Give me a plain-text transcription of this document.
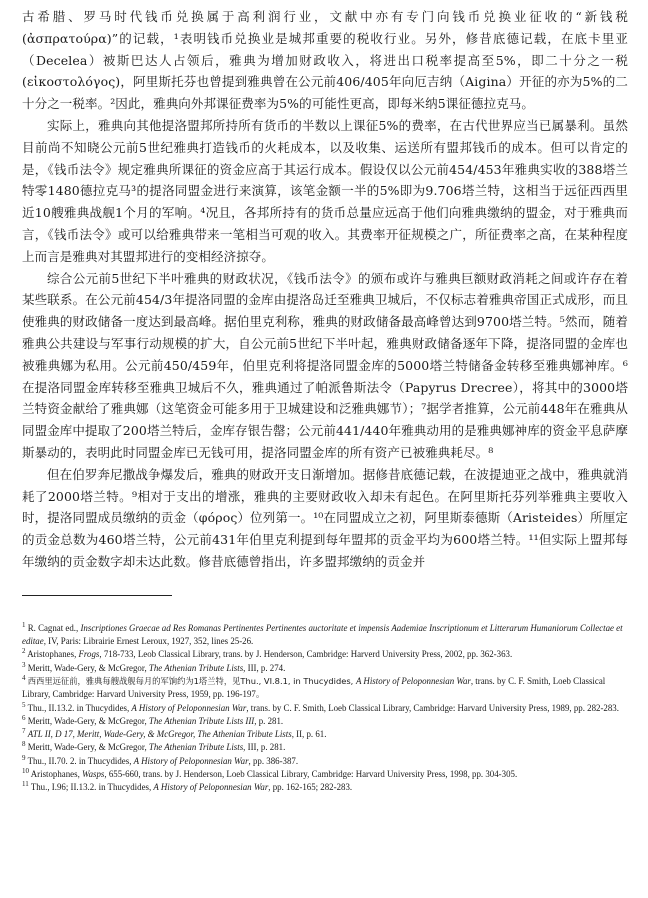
古希腊、罗马时代钱币兑换属于高利润行业，文献中亦有专门向钱币兑换业征收的“新钱税(ἀσπρατούρα)”的记载，¹表明钱币兑换业是城邦重要的税收行业。另外，修昔底德记载，在底卡里亚（Decelea）被斯巴达人占领后，雅典为增加财政收入，将进出口税率提高至5%，即二十分之一税(εἰκοστολόγος)，阿里斯托芬也曾提到雅典曾在公元前406/405年向厄吉纳（Aigina）开征的亦为5%的二十分之一税率。²因此，雅典向外邦课征费率为5%的可能性更高，即每米纳5课征德拉克马。

实际上，雅典向其他提洛盟邦所持所有货币的半数以上课征5%的费率，在古代世界应当已属暴利。虽然目前尚不知晓公元前5世纪雅典打造钱币的火耗成本，以及收集、运送所有盟邦钱币的成本。但可以肯定的是，《钱币法令》规定雅典所课征的资金应高于其运行成本。假设仅以公元前454/453年雅典实收的388塔兰特零1480德拉克马³的提洛同盟金进行来演算，该笔金额一半的5%即为9.706塔兰特，这相当于远征西西里近10艘雅典战舰1个月的军响。⁴况且，各邦所持有的货币总量应远高于他们向雅典缴纳的盟金，对于雅典而言，《钱币法令》或可以给雅典带来一笔相当可观的收入。其费率开征规模之广，所征费率之高，在某种程度上而言是雅典对其盟邦进行的变相经济掠夺。

综合公元前5世纪下半叶雅典的财政状况，《钱币法令》的颁布或许与雅典巨额财政消耗之间或许存在着某些联系。在公元前454/3年提洛同盟的金库由提洛岛迁至雅典卫城后，不仅标志着雅典帝国正式成形，而且使雅典的财政储备一度达到最高峰。据伯里克利称，雅典的财政储备最高峰曾达到9700塔兰特。⁵然而，随着雅典公共建设与军事行动规模的扩大，自公元前5世纪下半叶起，雅典财政储备逐年下降，提洛同盟的金库也被雅典娜为私用。公元前450/459年，伯里克利将提洛同盟金库的5000塔兰特储备金转移至雅典娜神库。⁶在提洛同盟金库转移至雅典卫城后不久，雅典通过了帕派鲁斯法令（Papyrus Drecree），将其中的3000塔兰特资金献给了雅典娜（这笔资金可能多用于卫城建设和泛雅典娜节）；⁷据学者推算，公元前448年在雅典从同盟金库中提取了200塔兰特后，金库存银告罄；公元前441/440年雅典动用的是雅典娜神库的资金平息萨摩斯暴动的，表明此时同盟金库已无钱可用，提洛同盟金库的所有资产已被雅典耗尽。⁸

但在伯罗奔尼撒战争爆发后，雅典的财政开支日渐增加。据修昔底德记载，在波提迪亚之战中，雅典就消耗了2000塔兰特。⁹相对于支出的增涨，雅典的主要财政收入却未有起色。在阿里斯托芬列举雅典主要收入时，提洛同盟成员缴纳的贡金（φόρος）位列第一。¹⁰在同盟成立之初，阿里斯泰德斯（Aristeides）所厘定的贡金总数为460塔兰特，公元前431年伯里克利提到每年盟邦的贡金平均为600塔兰特。¹¹但实际上盟邦每年缴纳的贡金数字却未达此数。修昔底德曾指出，许多盟邦缴纳的贡金并

$^1$ R. Cagnat ed., Inscriptiones Graecae ad Res Romanas Pertinentes Pertinentes auctoritate et impensis Aademiae Inscriptionum et Litterarum Humaniorum Collectae et editae, IV, Paris: Librairie Ernest Leroux, 1927, 352, lines 25-26.

$^2$ Aristophanes, Frogs, 718-733, Leob Classical Library, trans. by J. Henderson, Cambridge: Harverd University Press, 2002, pp. 362-363.

$^3$ Meritt, Wade-Gery, & McGregor, The Athenian Tribute Lists, III, p. 274.

$^4$ 西西里远征前，雅典每艘战舰每月的军饷约为1塔兰特，见Thu., VI.8.1, in Thucydides, A History of Peloponnesian War, trans. by C. F. Smith, Loeb Classical Library, Cambridge: Harvard University Press, 1959, pp. 196-197。

$^5$ Thu., II.13.2. in Thucydides, A History of Peloponnesian War, trans. by C. F. Smith, Loeb Classical Library, Cambridge: Harvard University Press, 1989, pp. 282-283.

$^6$ Meritt, Wade-Gery, & McGregor, The Athenian Tribute Lists III, p. 281.

$^7$ ATL II, D 17, Meritt, Wade-Gery, & McGregor, The Athenian Tribute Lists, II, p. 61.

$^8$ Meritt, Wade-Gery, & McGregor, The Athenian Tribute Lists, III, p. 281.

$^9$ Thu., II.70. 2. in Thucydides, A History of Peloponnesian War, pp. 386-387.

$^{10}$ Aristophanes, Wasps, 655-660, trans. by J. Henderson, Loeb Classical Library, Cambridge: Harvard University Press, 1998, pp. 304-305.

$^{11}$ Thu., I.96; II.13.2. in Thucydides, A History of Peloponnesian War, pp. 162-165; 282-283.
